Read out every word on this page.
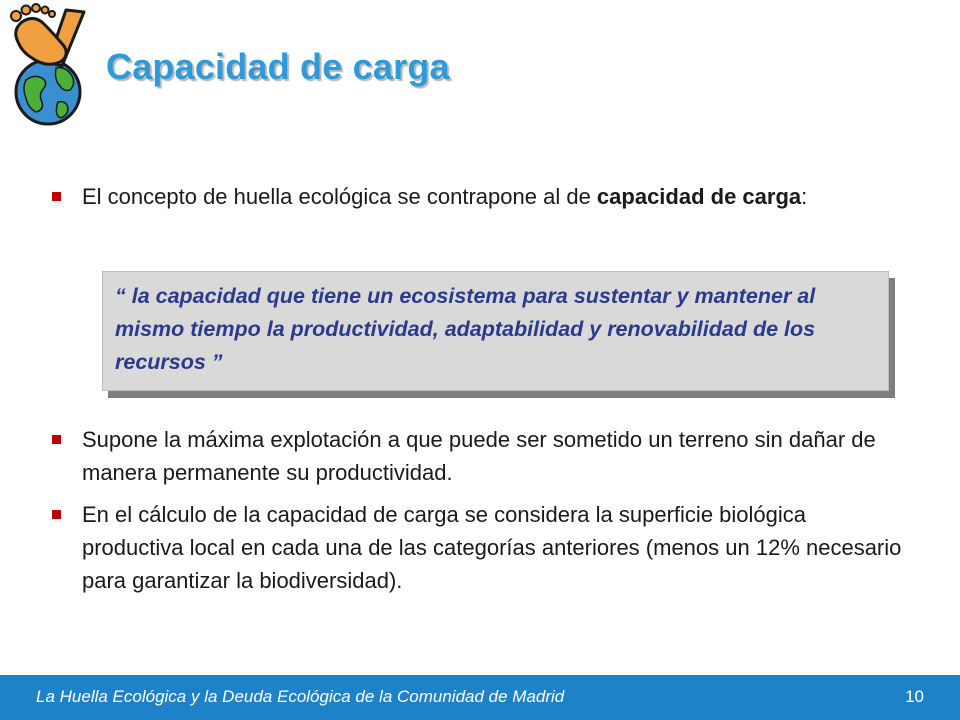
Capacidad de carga
El concepto de huella ecológica se contrapone al de capacidad de carga:
“ la capacidad que tiene un ecosistema para sustentar y mantener al mismo tiempo la productividad, adaptabilidad y renovabilidad de los recursos ”
Supone la máxima explotación a que puede ser sometido un terreno sin dañar de manera permanente su productividad.
En el cálculo de la capacidad de carga se considera la superficie biológica productiva local en cada una de las categorías anteriores (menos un 12% necesario para garantizar la biodiversidad).
La Huella Ecológica y la Deuda Ecológica de la Comunidad de Madrid	10
